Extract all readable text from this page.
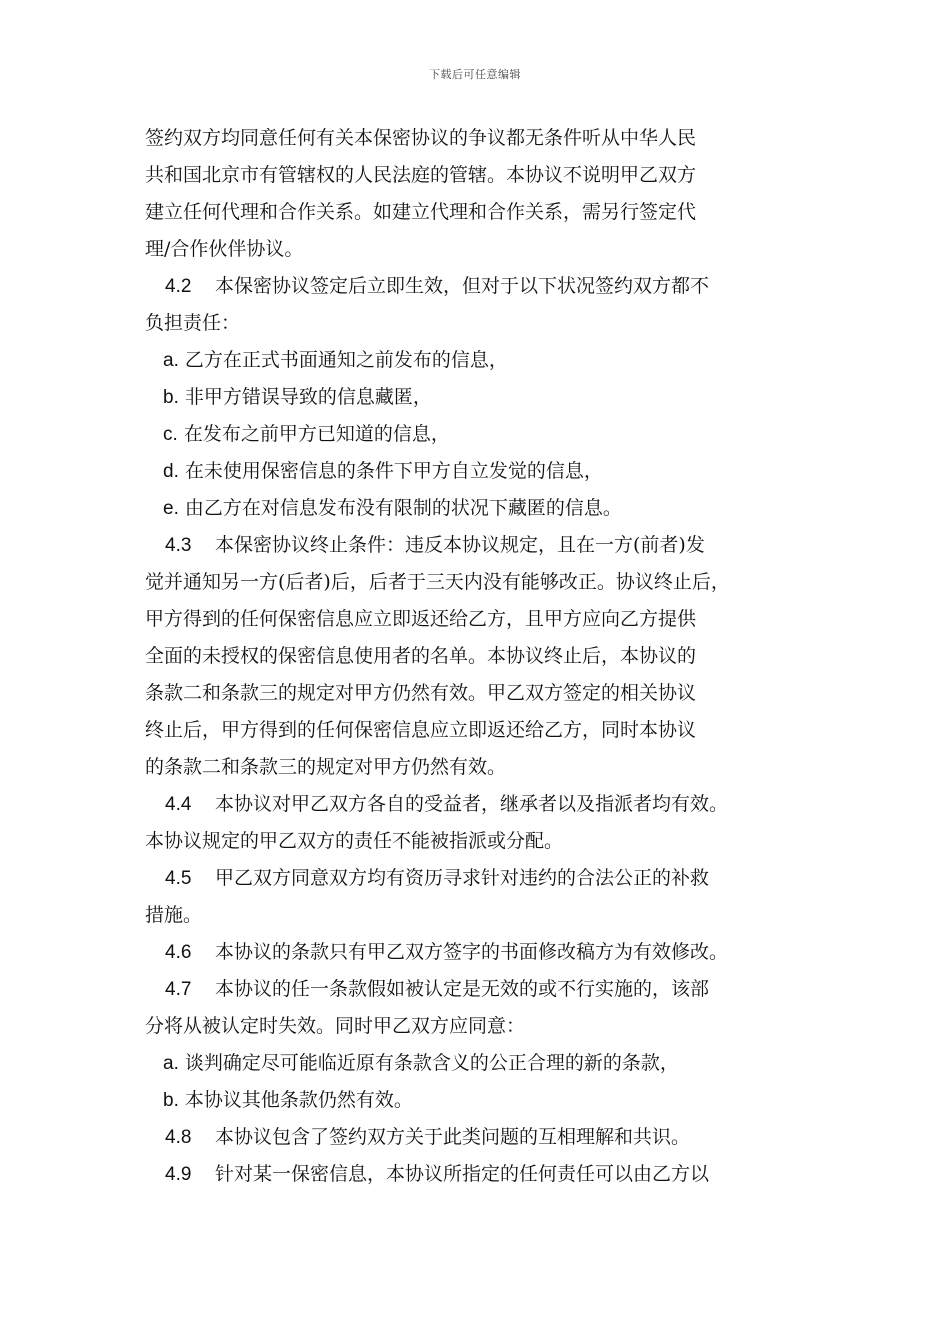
下载后可任意编辑
签约双方均同意任何有关本保密协议的争议都无条件听从中华人民
共和国北京市有管辖权的人民法庭的管辖。本协议不说明甲乙双方
建立任何代理和合作关系。如建立代理和合作关系，需另行签定代
理/合作伙伴协议。
4.2 本保密协议签定后立即生效，但对于以下状况签约双方都不
负担责任：
a. 乙方在正式书面通知之前发布的信息，
b. 非甲方错误导致的信息藏匿，
c. 在发布之前甲方已知道的信息，
d. 在未使用保密信息的条件下甲方自立发觉的信息，
e. 由乙方在对信息发布没有限制的状况下藏匿的信息。
4.3 本保密协议终止条件：违反本协议规定，且在一方(前者)发
觉并通知另一方(后者)后，后者于三天内没有能够改正。协议终止后，
甲方得到的任何保密信息应立即返还给乙方，且甲方应向乙方提供
全面的未授权的保密信息使用者的名单。本协议终止后，本协议的
条款二和条款三的规定对甲方仍然有效。甲乙双方签定的相关协议
终止后，甲方得到的任何保密信息应立即返还给乙方，同时本协议
的条款二和条款三的规定对甲方仍然有效。
4.4 本协议对甲乙双方各自的受益者，继承者以及指派者均有效。
本协议规定的甲乙双方的责任不能被指派或分配。
4.5 甲乙双方同意双方均有资历寻求针对违约的合法公正的补救
措施。
4.6 本协议的条款只有甲乙双方签字的书面修改稿方为有效修改。
4.7 本协议的任一条款假如被认定是无效的或不行实施的，该部
分将从被认定时失效。同时甲乙双方应同意：
a. 谈判确定尽可能临近原有条款含义的公正合理的新的条款，
b. 本协议其他条款仍然有效。
4.8 本协议包含了签约双方关于此类问题的互相理解和共识。
4.9 针对某一保密信息，本协议所指定的任何责任可以由乙方以
